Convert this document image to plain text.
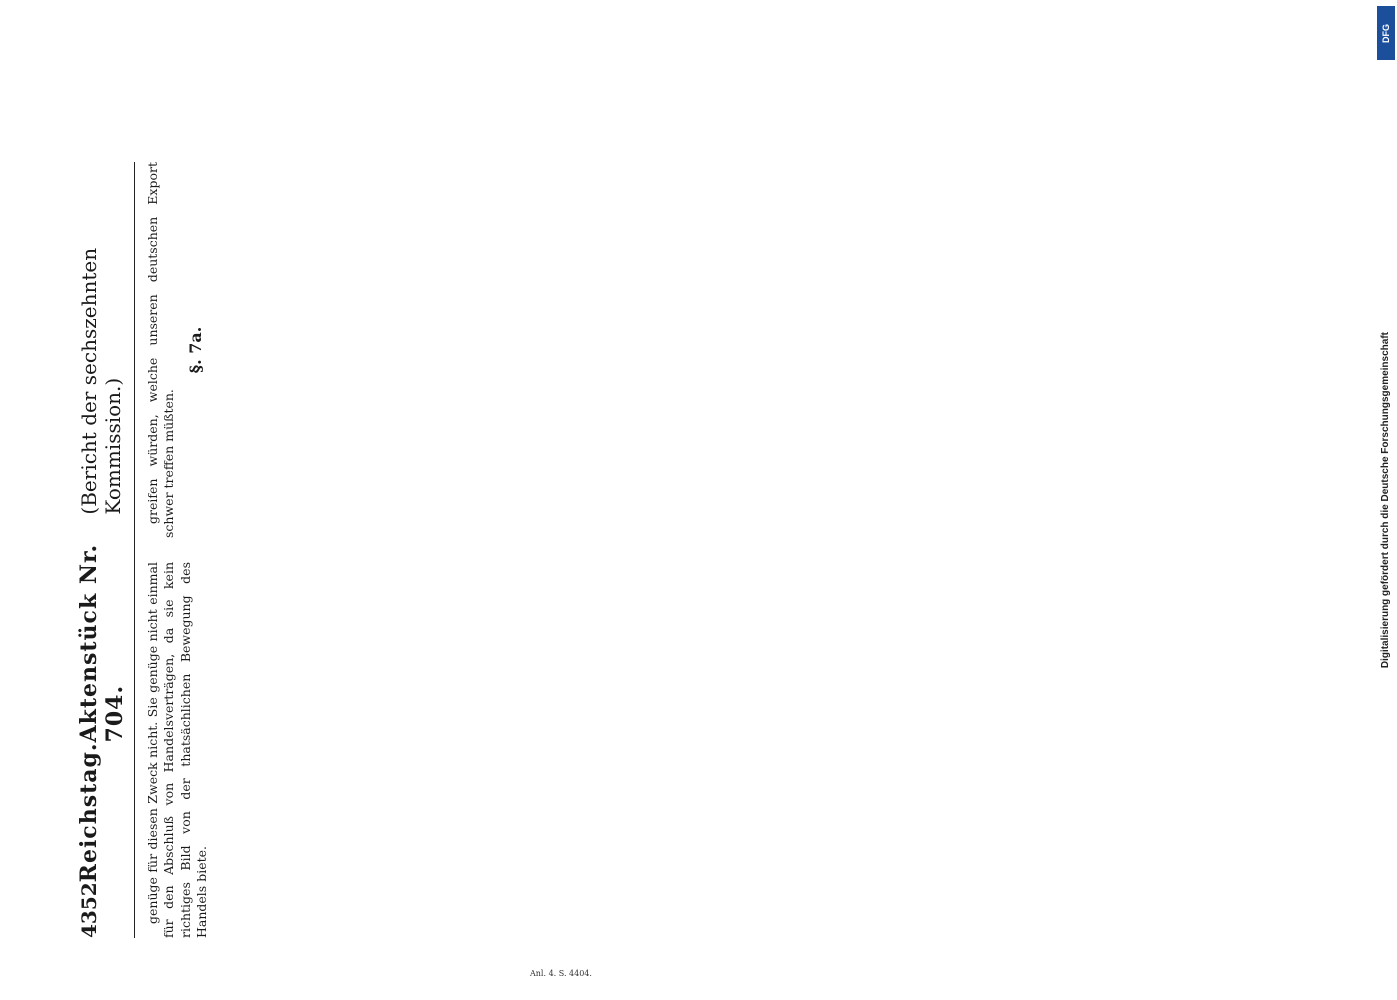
Digitalisierung gefördert durch die Deutsche Forschungsgemeinschaft
DFG
4352
Reichstag.
Aktenstück Nr. 704.
(Bericht der sechszehnten Kommission.)

genüge für diesen Zweck nicht. Sie genüge nicht einmal für den Abschluß von Handelsverträgen, da sie kein richtiges Bild von der thatsächlichen Bewegung des Handels biete.

greifen würden, welche unseren deutschen Export schwer treffen müßten.

§. 7a.
Anl. 4. S. 4404.
